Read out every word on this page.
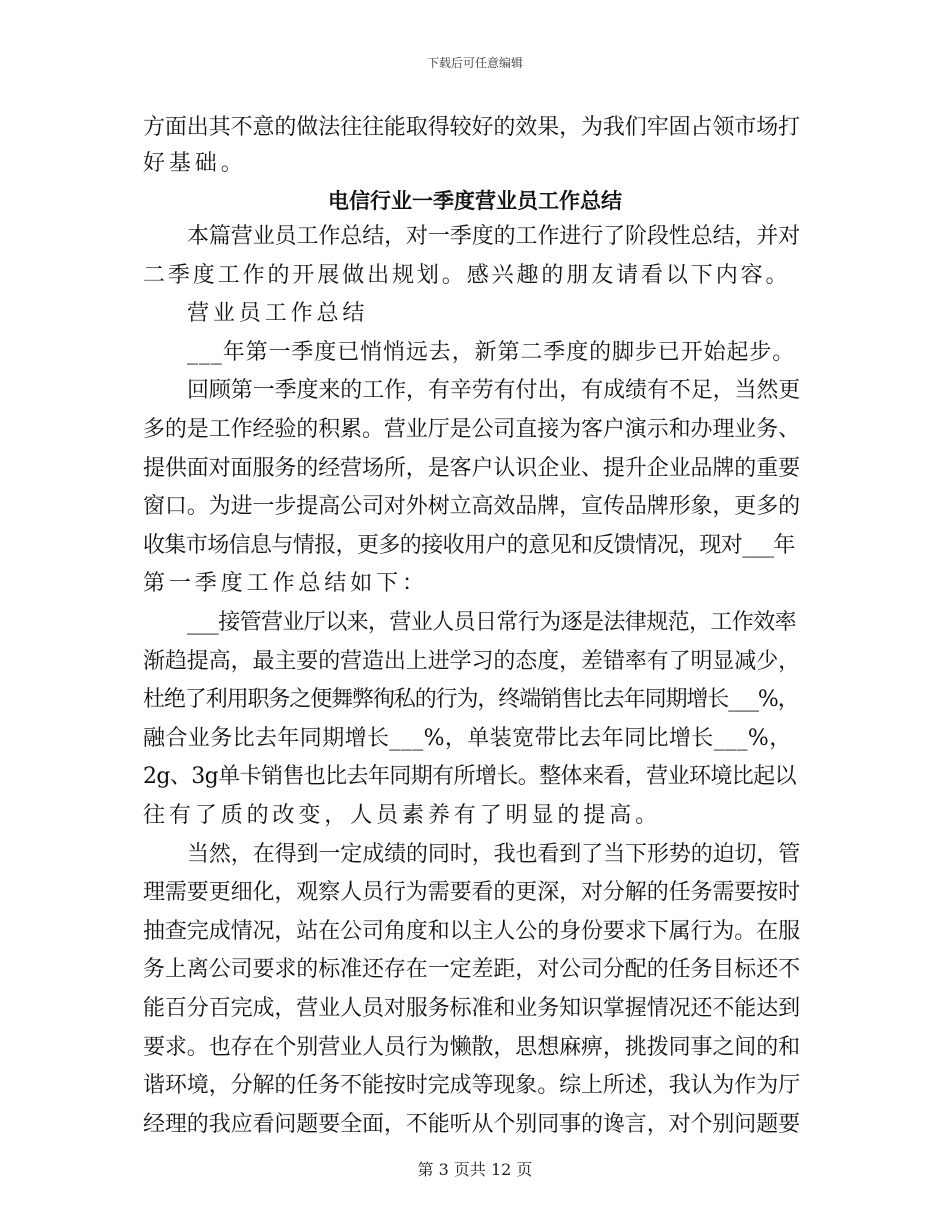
下载后可任意编辑
方面出其不意的做法往往能取得较好的效果，为我们牢固占领市场打
好基础。
电信行业一季度营业员工作总结
本篇营业员工作总结，对一季度的工作进行了阶段性总结，并对
二季度工作的开展做出规划。感兴趣的朋友请看以下内容。
营业员工作总结
___年第一季度已悄悄远去，新第二季度的脚步已开始起步。
回顾第一季度来的工作，有辛劳有付出，有成绩有不足，当然更
多的是工作经验的积累。营业厅是公司直接为客户演示和办理业务、
提供面对面服务的经营场所，是客户认识企业、提升企业品牌的重要
窗口。为进一步提高公司对外树立高效品牌，宣传品牌形象，更多的
收集市场信息与情报，更多的接收用户的意见和反馈情况，现对___年
第一季度工作总结如下：
___接管营业厅以来，营业人员日常行为逐是法律规范，工作效率
渐趋提高，最主要的营造出上进学习的态度，差错率有了明显减少，
杜绝了利用职务之便舞弊徇私的行为，终端销售比去年同期增长___%，
融合业务比去年同期增长___%，单装宽带比去年同比增长___%，
2g、3g单卡销售也比去年同期有所增长。整体来看，营业环境比起以
往有了质的改变，人员素养有了明显的提高。
当然，在得到一定成绩的同时，我也看到了当下形势的迫切，管
理需要更细化，观察人员行为需要看的更深，对分解的任务需要按时
抽查完成情况，站在公司角度和以主人公的身份要求下属行为。在服
务上离公司要求的标准还存在一定差距，对公司分配的任务目标还不
能百分百完成，营业人员对服务标准和业务知识掌握情况还不能达到
要求。也存在个别营业人员行为懒散，思想麻痹，挑拨同事之间的和
谐环境，分解的任务不能按时完成等现象。综上所述，我认为作为厅
经理的我应看问题要全面，不能听从个别同事的谗言，对个别问题要
第 3 页共 12 页
